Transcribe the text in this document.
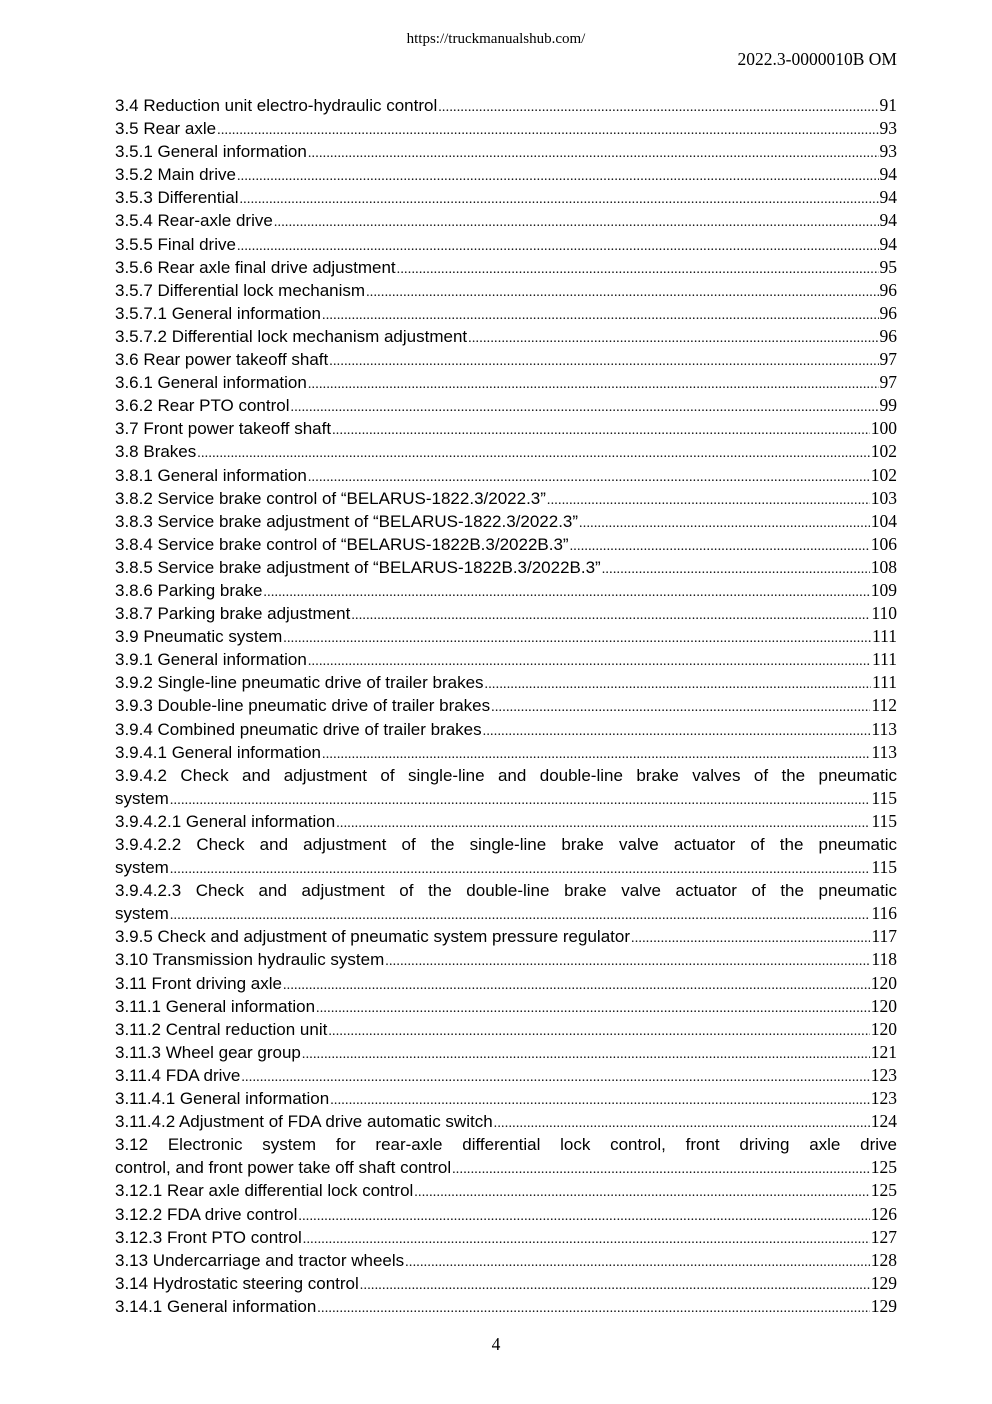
https://truckmanualshub.com/
2022.3-0000010B OM
3.4 Reduction unit electro-hydraulic control .....	91
3.5 Rear axle .....	93
3.5.1 General information .....	93
3.5.2 Main drive .....	94
3.5.3 Differential .....	94
3.5.4 Rear-axle drive .....	94
3.5.5 Final drive .....	94
3.5.6 Rear axle final drive adjustment .....	95
3.5.7 Differential lock mechanism .....	96
3.5.7.1 General information .....	96
3.5.7.2 Differential lock mechanism adjustment .....	96
3.6 Rear power takeoff shaft .....	97
3.6.1 General information .....	97
3.6.2 Rear PTO control .....	99
3.7 Front power takeoff shaft .....	100
3.8 Brakes .....	102
3.8.1 General information .....	102
3.8.2 Service brake control of “BELARUS-1822.3/2022.3” .....	103
3.8.3 Service brake adjustment of “BELARUS-1822.3/2022.3” .....	104
3.8.4 Service brake control of “BELARUS-1822B.3/2022B.3” .....	106
3.8.5 Service brake adjustment of “BELARUS-1822B.3/2022B.3” .....	108
3.8.6 Parking brake .....	109
3.8.7 Parking brake adjustment .....	110
3.9 Pneumatic system .....	111
3.9.1 General information .....	111
3.9.2 Single-line pneumatic drive of trailer brakes .....	111
3.9.3 Double-line pneumatic drive of trailer brakes .....	112
3.9.4 Combined pneumatic drive of trailer brakes .....	113
3.9.4.1 General information .....	113
3.9.4.2 Check and adjustment of single-line and double-line brake valves of the pneumatic
system .....	115
3.9.4.2.1 General information .....	115
3.9.4.2.2 Check and adjustment of the single-line brake valve actuator of the pneumatic
system .....	115
3.9.4.2.3 Check and adjustment of the double-line brake valve actuator of the pneumatic
system .....	116
3.9.5 Check and adjustment of pneumatic system pressure regulator .....	117
3.10 Transmission hydraulic system .....	118
3.11 Front driving axle .....	120
3.11.1 General information .....	120
3.11.2 Central reduction unit .....	120
3.11.3 Wheel gear group .....	121
3.11.4 FDA drive .....	123
3.11.4.1 General information .....	123
3.11.4.2 Adjustment of FDA drive automatic switch .....	124
3.12 Electronic system for rear-axle differential lock control, front driving axle drive
control, and front power take off shaft control .....	125
3.12.1 Rear axle differential lock control .....	125
3.12.2 FDA drive control .....	126
3.12.3 Front PTO control .....	127
3.13 Undercarriage and tractor wheels .....	128
3.14 Hydrostatic steering control .....	129
3.14.1 General information .....	129
4
